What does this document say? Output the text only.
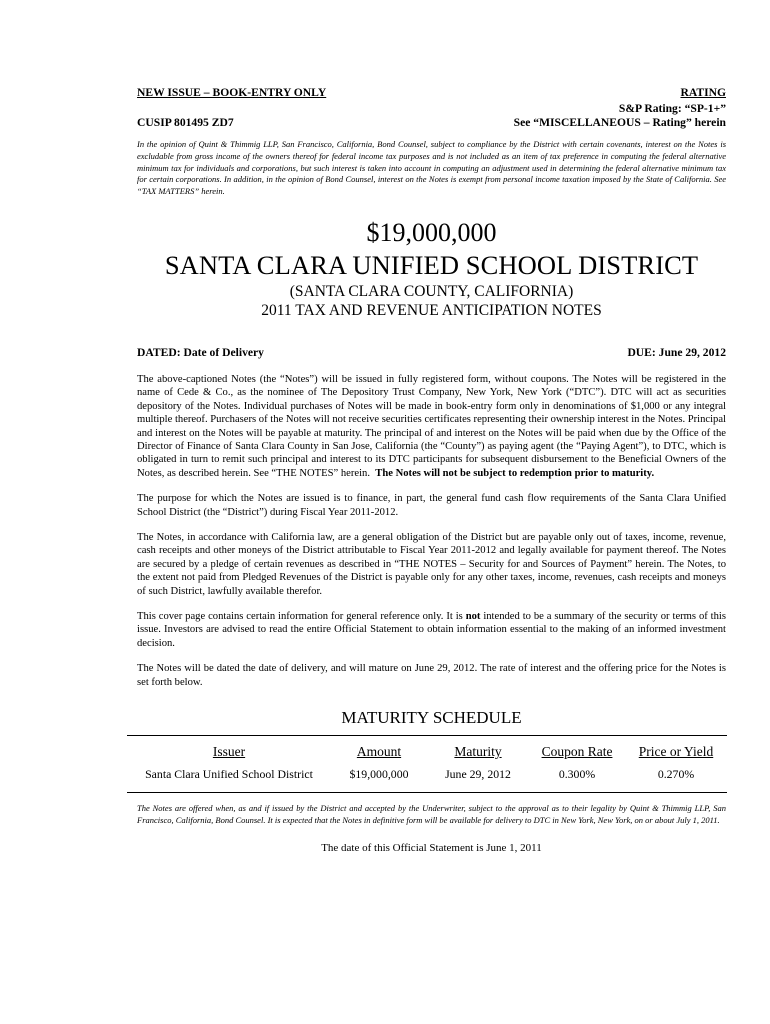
NEW ISSUE – BOOK-ENTRY ONLY	RATING
CUSIP 801495 ZD7
S&P Rating: “SP-1+”
See “MISCELLANEOUS – Rating” herein
In the opinion of Quint & Thimmig LLP, San Francisco, California, Bond Counsel, subject to compliance by the District with certain covenants, interest on the Notes is excludable from gross income of the owners thereof for federal income tax purposes and is not included as an item of tax preference in computing the federal alternative minimum tax for individuals and corporations, but such interest is taken into account in computing an adjustment used in determining the federal alternative minimum tax for certain corporations. In addition, in the opinion of Bond Counsel, interest on the Notes is exempt from personal income taxation imposed by the State of California. See “TAX MATTERS” herein.
$19,000,000
SANTA CLARA UNIFIED SCHOOL DISTRICT
(SANTA CLARA COUNTY, CALIFORNIA)
2011 TAX AND REVENUE ANTICIPATION NOTES
DATED: Date of Delivery	DUE: June 29, 2012
The above-captioned Notes (the “Notes”) will be issued in fully registered form, without coupons. The Notes will be registered in the name of Cede & Co., as the nominee of The Depository Trust Company, New York, New York (“DTC”). DTC will act as securities depository of the Notes. Individual purchases of Notes will be made in book-entry form only in denominations of $1,000 or any integral multiple thereof. Purchasers of the Notes will not receive securities certificates representing their ownership interest in the Notes. Principal and interest on the Notes will be payable at maturity. The principal of and interest on the Notes will be paid when due by the Office of the Director of Finance of Santa Clara County in San Jose, California (the “County”) as paying agent (the “Paying Agent”), to DTC, which is obligated in turn to remit such principal and interest to its DTC participants for subsequent disbursement to the Beneficial Owners of the Notes, as described herein. See “THE NOTES” herein. The Notes will not be subject to redemption prior to maturity.
The purpose for which the Notes are issued is to finance, in part, the general fund cash flow requirements of the Santa Clara Unified School District (the “District”) during Fiscal Year 2011-2012.
The Notes, in accordance with California law, are a general obligation of the District but are payable only out of taxes, income, revenue, cash receipts and other moneys of the District attributable to Fiscal Year 2011-2012 and legally available for payment thereof. The Notes are secured by a pledge of certain revenues as described in “THE NOTES – Security for and Sources of Payment” herein. The Notes, to the extent not paid from Pledged Revenues of the District is payable only for any other taxes, income, revenues, cash receipts and moneys of such District, lawfully available therefor.
This cover page contains certain information for general reference only. It is not intended to be a summary of the security or terms of this issue. Investors are advised to read the entire Official Statement to obtain information essential to the making of an informed investment decision.
The Notes will be dated the date of delivery, and will mature on June 29, 2012. The rate of interest and the offering price for the Notes is set forth below.
MATURITY SCHEDULE
Issuer	Amount	Maturity	Coupon Rate	Price or Yield
Santa Clara Unified School District	$19,000,000	June 29, 2012	0.300%	0.270%
The Notes are offered when, as and if issued by the District and accepted by the Underwriter, subject to the approval as to their legality by Quint & Thimmig LLP, San Francisco, California, Bond Counsel. It is expected that the Notes in definitive form will be available for delivery to DTC in New York, New York, on or about July 1, 2011.
The date of this Official Statement is June 1, 2011
